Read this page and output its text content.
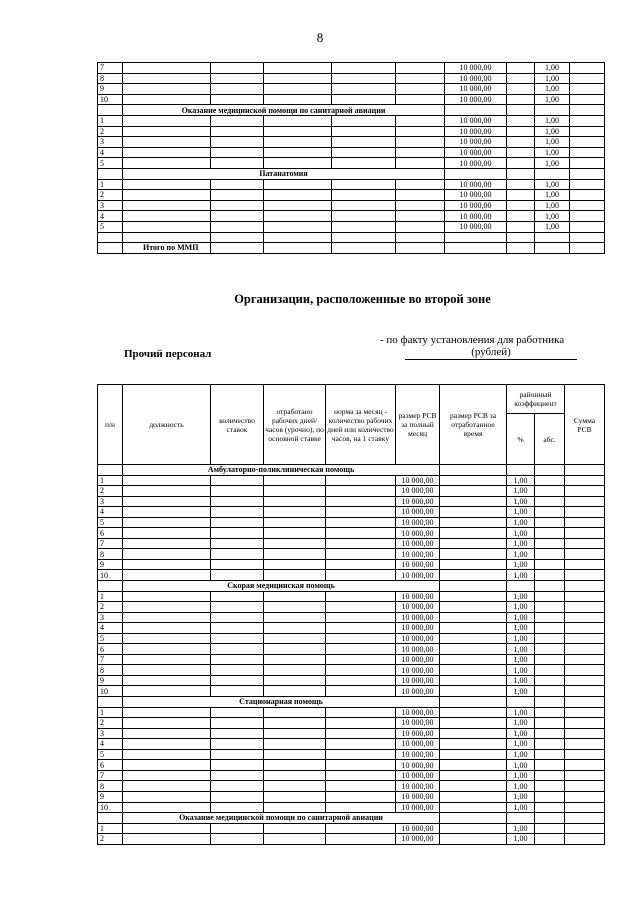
8
7						10 000,00		1,00	
8						10 000,00		1,00	
9						10 000,00		1,00	
10						10 000,00		1,00	
	Оказание медицинской помощи по санитарной авиации								
1						10 000,00		1,00	
2						10 000,00		1,00	
3						10 000,00		1,00	
4						10 000,00		1,00	
5						10 000,00		1,00	
	Патанатомия								
1						10 000,00		1,00	
2						10 000,00		1,00	
3						10 000,00		1,00	
4						10 000,00		1,00	
5						10 000,00		1,00	

	Итого по ММП								
Организации, расположенные во второй зоне
- по факту установления для работника
(рублей)
Прочий персонал
п/н	должность	количество ставок	отработано рабочих дней/ часов (урочно), по основной ставке	норма за месяц - количество рабочих дней или количество часов, на 1 ставку	размер РСВ за полный месяц	размер РСВ за отработанное время	районный коэффициент		Сумма РСВ
							%	абс.	
	Амбулаторно-поликлиническая помощь								
1					10 000,00		1,00		
2					10 000,00		1,00		
3					10 000,00		1,00		
4					10 000,00		1,00		
5					10 000,00		1,00		
6					10 000,00		1,00		
7					10 000,00		1,00		
8					10 000,00		1,00		
9					10 000,00		1,00		
10					10 000,00		1,00		
	Скорая медицинская помощь								
1					10 000,00		1,00		
2					10 000,00		1,00		
3					10 000,00		1,00		
4					10 000,00		1,00		
5					10 000,00		1,00		
6					10 000,00		1,00		
7					10 000,00		1,00		
8					10 000,00		1,00		
9					10 000,00		1,00		
10					10 000,00		1,00		
	Стационарная помощь								
1					10 000,00		1,00		
2					10 000,00		1,00		
3					10 000,00		1,00		
4					10 000,00		1,00		
5					10 000,00		1,00		
6					10 000,00		1,00		
7					10 000,00		1,00		
8					10 000,00		1,00		
9					10 000,00		1,00		
10					10 000,00		1,00		
	Оказание медицинской помощи по санитарной авиации								
1					10 000,00		1,00		
2					10 000,00		1,00		
